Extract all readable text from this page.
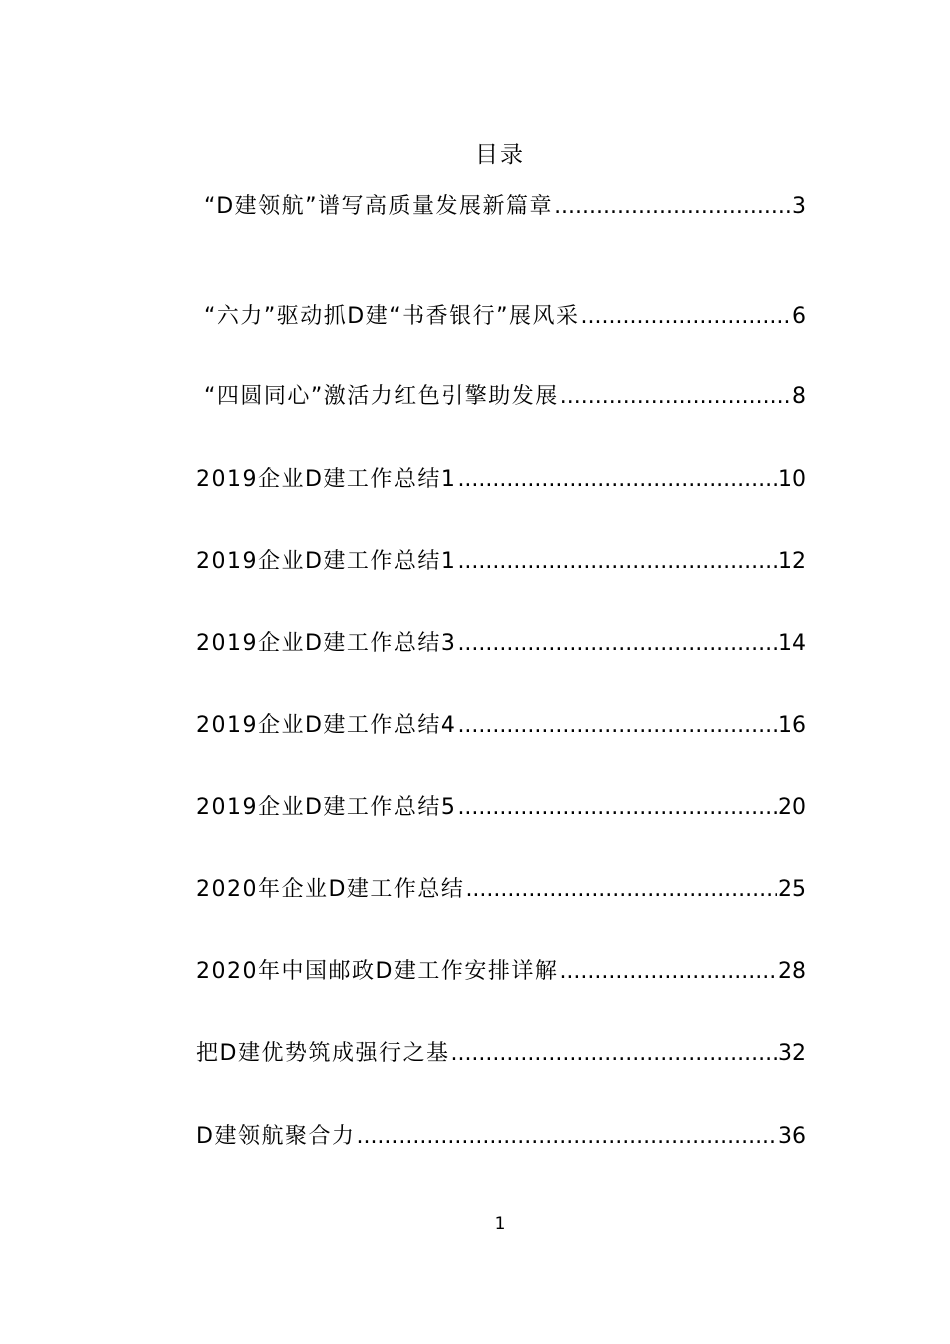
目录
“D建领航”谱写高质量发展新篇章 .....	3
“六力”驱动抓D建“书香银行”展风采 .....	6
“四圆同心”激活力红色引擎助发展 .....	8
2019企业D建工作总结1 .....	10
2019企业D建工作总结1 .....	12
2019企业D建工作总结3 .....	14
2019企业D建工作总结4 .....	16
2019企业D建工作总结5 .....	20
2020年企业D建工作总结 .....	25
2020年中国邮政D建工作安排详解 .....	28
把D建优势筑成强行之基 .....	32
D建领航聚合力 .....	36
1
